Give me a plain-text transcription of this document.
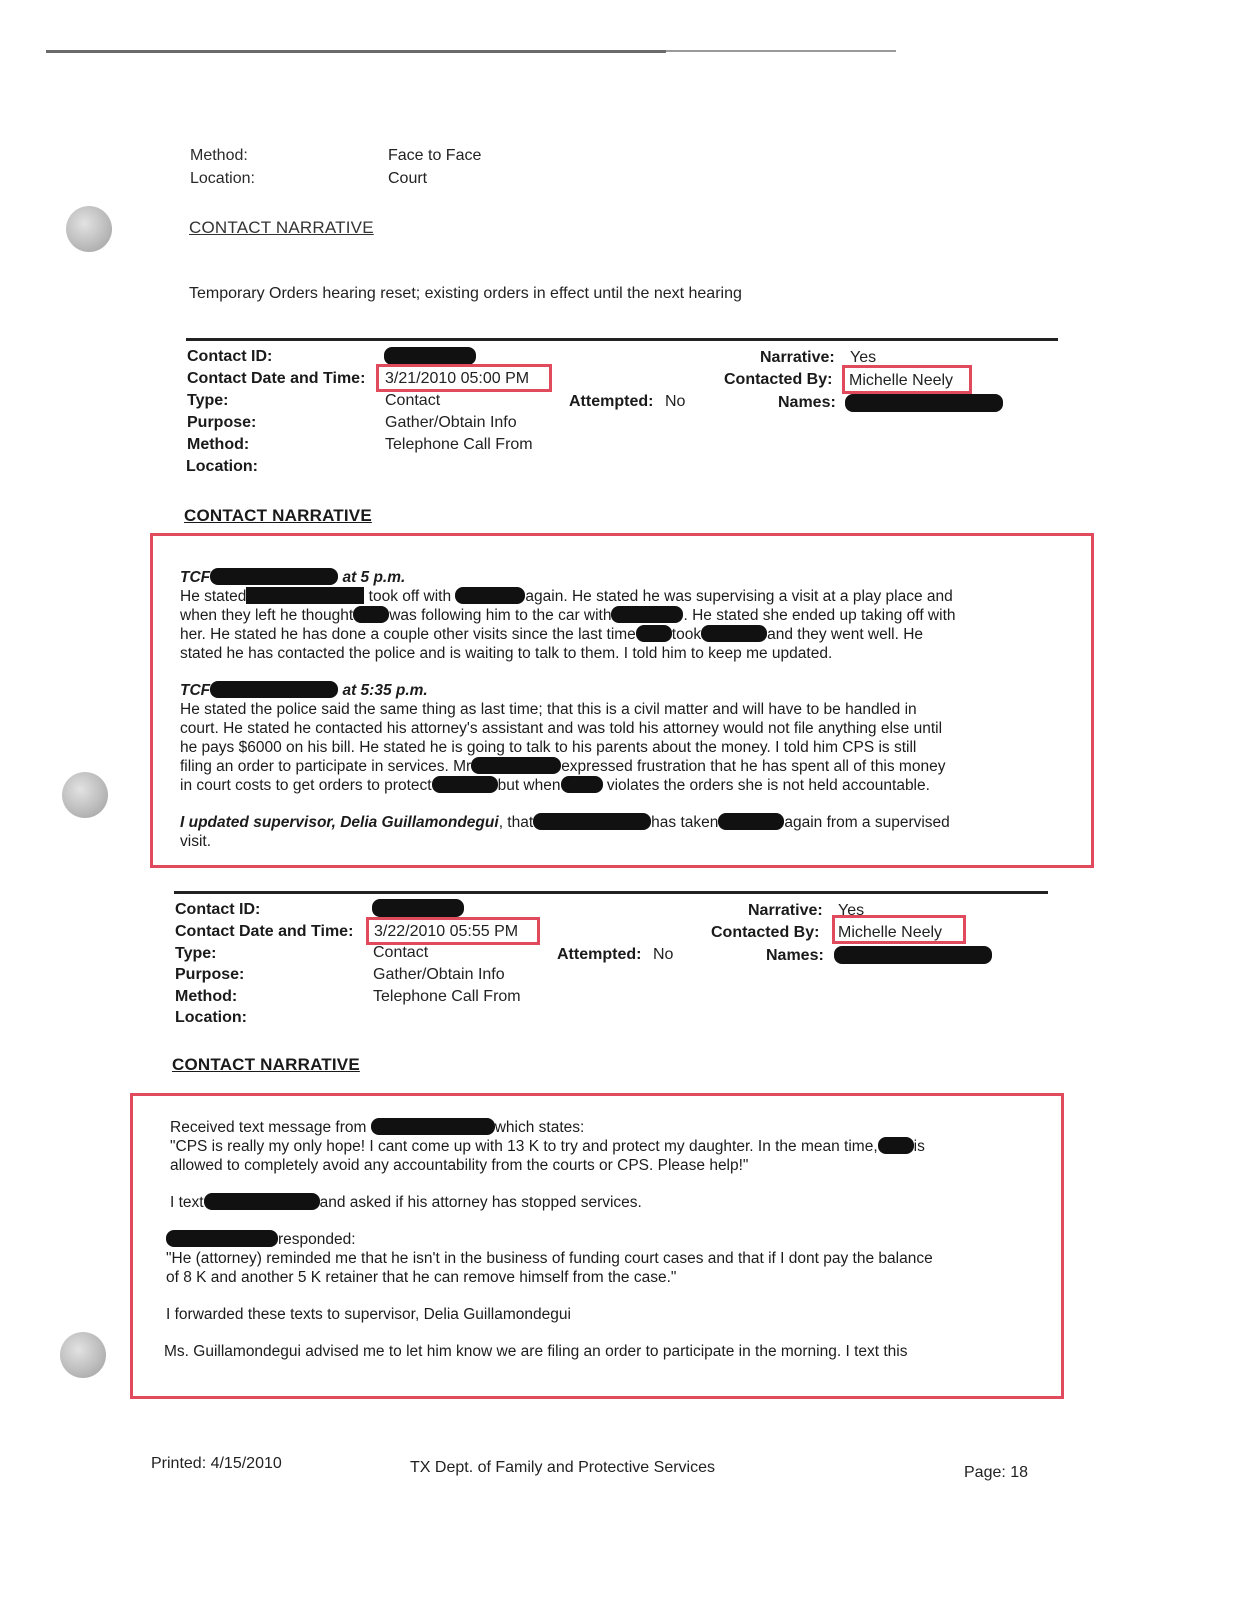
Method:	Face to Face
Location:	Court
CONTACT NARRATIVE
Temporary Orders hearing reset; existing orders in effect until the next hearing
Contact ID:
Contact Date and Time: 3/21/2010 05:00 PM
Type:	Contact
Purpose:	Gather/Obtain Info
Method:	Telephone Call From
Location:
Attempted: No
Narrative: Yes
Contacted By: Michelle Neely
Names:
CONTACT NARRATIVE

TCF	at 5 p.m.

He stated	took off with	again. He stated he was supervising a visit at a play place and
when they left he thought was following him to the car with	. He stated she ended up taking off with
her. He stated he has done a couple other visits since the last time took	and they went well. He
stated he has contacted the police and is waiting to talk to them. I told him to keep me updated.

TCF	at 5:35 p.m.

He stated the police said the same thing as last time; that this is a civil matter and will have to be handled in
court. He stated he contacted his attorney's assistant and was told his attorney would not file anything else until
he pays $6000 on his bill. He stated he is going to talk to his parents about the money. I told him CPS is still
filing an order to participate in services. Mr	expressed frustration that he has spent all of this money
in court costs to get orders to protect	but when	violates the orders she is not held accountable.

I updated supervisor, Delia Guillamondegui, that	has taken	again from a supervised
visit.

Contact ID:
Contact Date and Time: 3/22/2010 05:55 PM
Type:	Contact
Purpose:	Gather/Obtain Info
Method:	Telephone Call From
Location:
Attempted: No
Narrative: Yes
Contacted By: Michelle Neely
Names:
CONTACT NARRATIVE

Received text message from	which states:
"CPS is really my only hope! I cant come up with 13 K to try and protect my daughter. In the mean time, is
allowed to completely avoid any accountability from the courts or CPS. Please help!"

I text	and asked if his attorney has stopped services.

responded:
"He (attorney) reminded me that he isn't in the business of funding court cases and that if I dont pay the balance
of 8 K and another 5 K retainer that he can remove himself from the case."

I forwarded these texts to supervisor, Delia Guillamondegui

Ms. Guillamondegui advised me to let him know we are filing an order to participate in the morning. I text this

Printed: 4/15/2010	TX Dept. of Family and Protective Services	Page: 18
